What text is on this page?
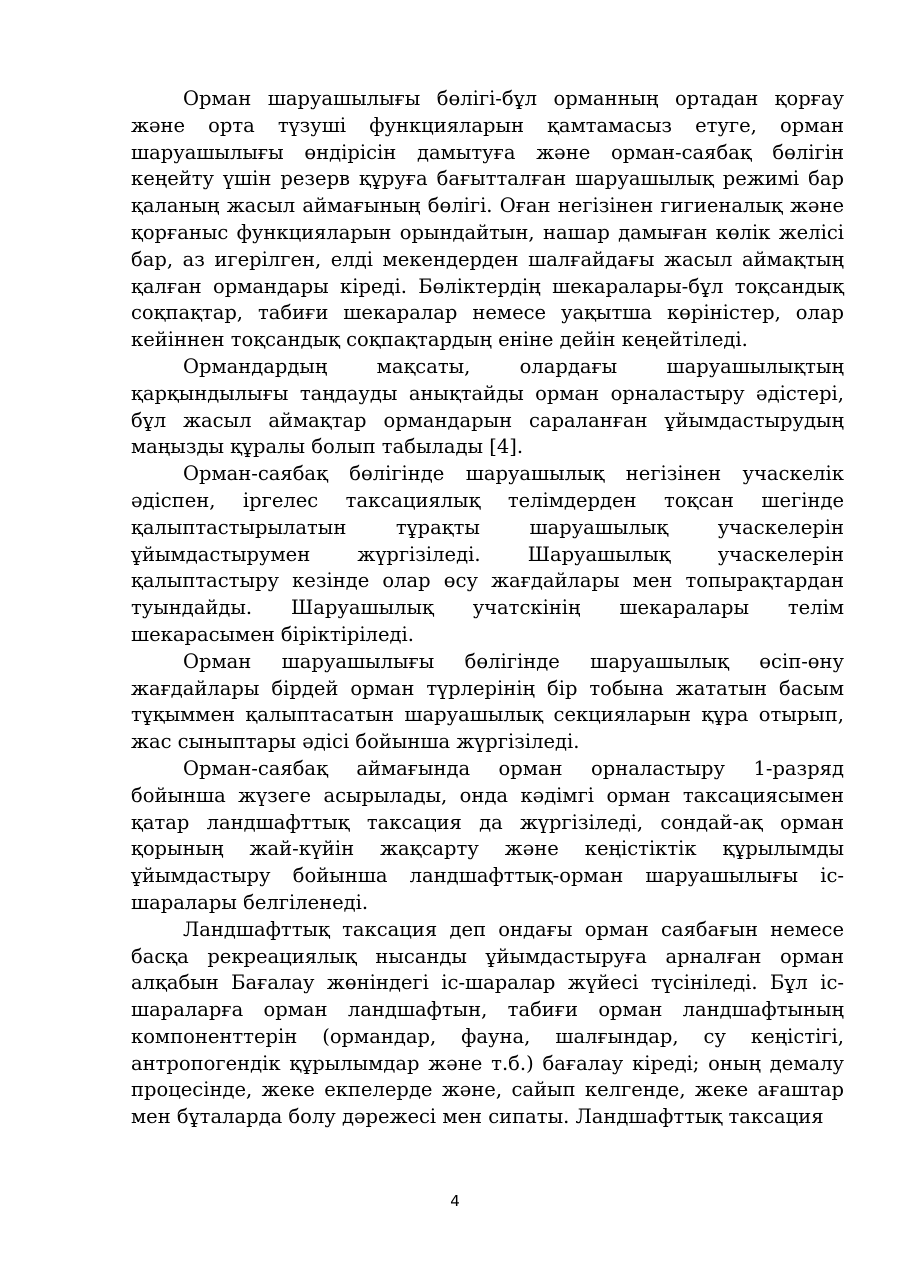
Орман шаруашылығы бөлігі-бұл орманның ортадан қорғау және орта түзуші функцияларын қамтамасыз етуге, орман шаруашылығы өндірісін дамытуға және орман-саябақ бөлігін кеңейту үшін резерв құруға бағытталған шаруашылық режимі бар қаланың жасыл аймағының бөлігі. Оған негізінен гигиеналық және қорғаныс функцияларын орындайтын, нашар дамыған көлік желісі бар, аз игерілген, елді мекендерден шалғайдағы жасыл аймақтың қалған ормандары кіреді. Бөліктердің шекаралары-бұл тоқсандық соқпақтар, табиғи шекаралар немесе уақытша көріністер, олар кейіннен тоқсандық соқпақтардың еніне дейін кеңейтіледі.

Ормандардың мақсаты, олардағы шаруашылықтың қарқындылығы таңдауды анықтайды орман орналастыру әдістері, бұл жасыл аймақтар ормандарын сараланған ұйымдастырудың маңызды құралы болып табылады [4].

Орман-саябақ бөлігінде шаруашылық негізінен учаскелік әдіспен, іргелес таксациялық телімдерден тоқсан шегінде қалыптастырылатын тұрақты шаруашылық учаскелерін ұйымдастырумен жүргізіледі. Шаруашылық учаскелерін қалыптастыру кезінде олар өсу жағдайлары мен топырақтардан туындайды. Шаруашылық учатскінің шекаралары телім шекарасымен біріктіріледі.

Орман шаруашылығы бөлігінде шаруашылық өсіп-өну жағдайлары бірдей орман түрлерінің бір тобына жататын басым тұқыммен қалыптасатын шаруашылық секцияларын құра отырып, жас сыныптары әдісі бойынша жүргізіледі.

Орман-саябақ аймағында орман орналастыру 1-разряд бойынша жүзеге асырылады, онда кәдімгі орман таксациясымен қатар ландшафттық таксация да жүргізіледі, сондай-ақ орман қорының жай-күйін жақсарту және кеңістіктік құрылымды ұйымдастыру бойынша ландшафттық-орман шаруашылығы іс-шаралары белгіленеді.

Ландшафттық таксация деп ондағы орман саябағын немесе басқа рекреациялық нысанды ұйымдастыруға арналған орман алқабын Бағалау жөніндегі іс-шаралар жүйесі түсініледі. Бұл іс-шараларға орман ландшафтын, табиғи орман ландшафтының компоненттерін (ормандар, фауна, шалғындар, су кеңістігі, антропогендік құрылымдар және т.б.) бағалау кіреді; оның демалу процесінде, жеке екпелерде және, сайып келгенде, жеке ағаштар мен бұталарда болу дәрежесі мен сипаты. Ландшафттық таксация

4
